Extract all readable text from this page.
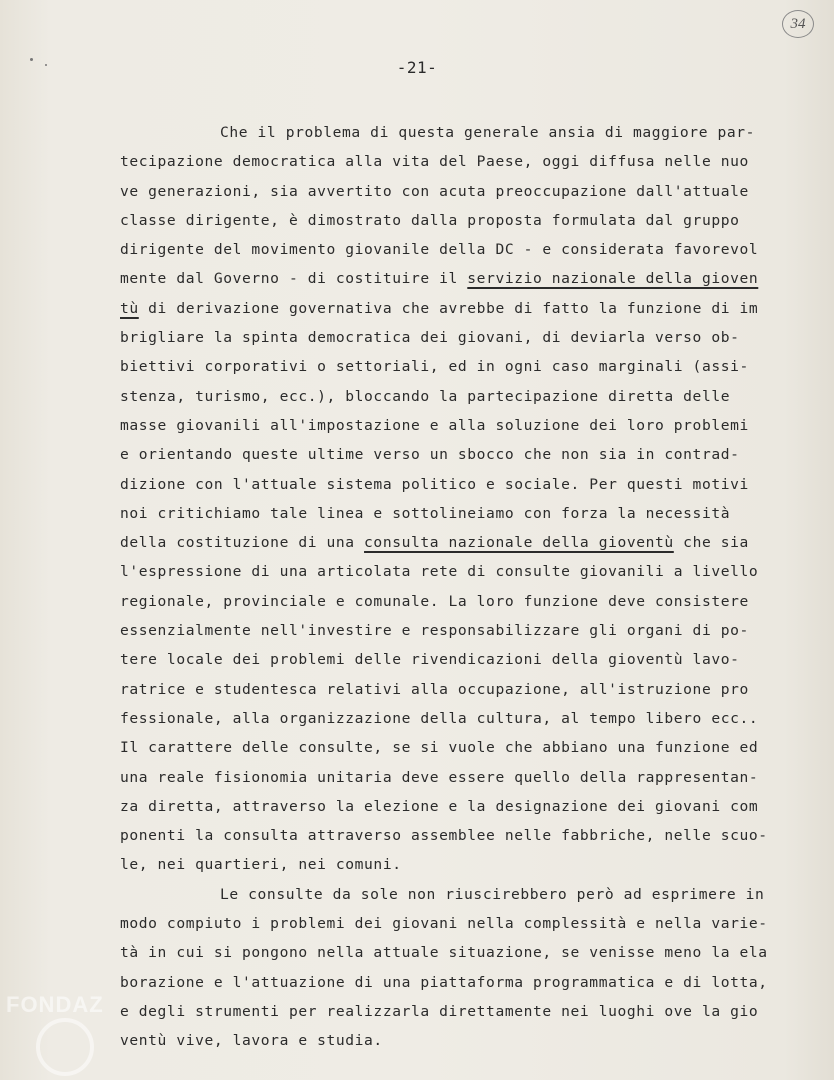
34
-21-
Che il problema di questa generale ansia di maggiore par-
tecipazione democratica alla vita del Paese, oggi diffusa nelle nuo
ve generazioni, sia avvertito con acuta preoccupazione dall'attuale
classe dirigente, è dimostrato dalla proposta formulata dal gruppo
dirigente del movimento giovanile della DC - e considerata favorevol
mente dal Governo - di costituire il servizio nazionale della gioven
tù di derivazione governativa che avrebbe di fatto la funzione di im
brigliare la spinta democratica dei giovani, di deviarla verso ob-
biettivi corporativi o settoriali, ed in ogni caso marginali (assi-
stenza, turismo, ecc.), bloccando la partecipazione diretta delle
masse giovanili all'impostazione e alla soluzione dei loro problemi
e orientando queste ultime verso un sbocco che non sia in contrad-
dizione con l'attuale sistema politico e sociale. Per questi motivi
noi critichiamo tale linea e sottolineiamo con forza la necessità
della costituzione di una consulta nazionale della gioventù che sia
l'espressione di una articolata rete di consulte giovanili a livello
regionale, provinciale e comunale. La loro funzione deve consistere
essenzialmente nell'investire e responsabilizzare gli organi di po-
tere locale dei problemi delle rivendicazioni della gioventù lavo-
ratrice e studentesca relativi alla occupazione, all'istruzione pro
fessionale, alla organizzazione della cultura, al tempo libero ecc..
Il carattere delle consulte, se si vuole che abbiano una funzione ed
una reale fisionomia unitaria deve essere quello della rappresentan-
za diretta, attraverso la elezione e la designazione dei giovani com
ponenti la consulta attraverso assemblee nelle fabbriche, nelle scuo-
le, nei quartieri, nei comuni.
Le consulte da sole non riuscirebbero però ad esprimere in
modo compiuto i problemi dei giovani nella complessità e nella varie-
tà in cui si pongono nella attuale situazione, se venisse meno la ela
borazione e l'attuazione di una piattaforma programmatica e di lotta,
e degli strumenti per realizzarla direttamente nei luoghi ove la gio
ventù vive, lavora e studia.
FONDAZ
